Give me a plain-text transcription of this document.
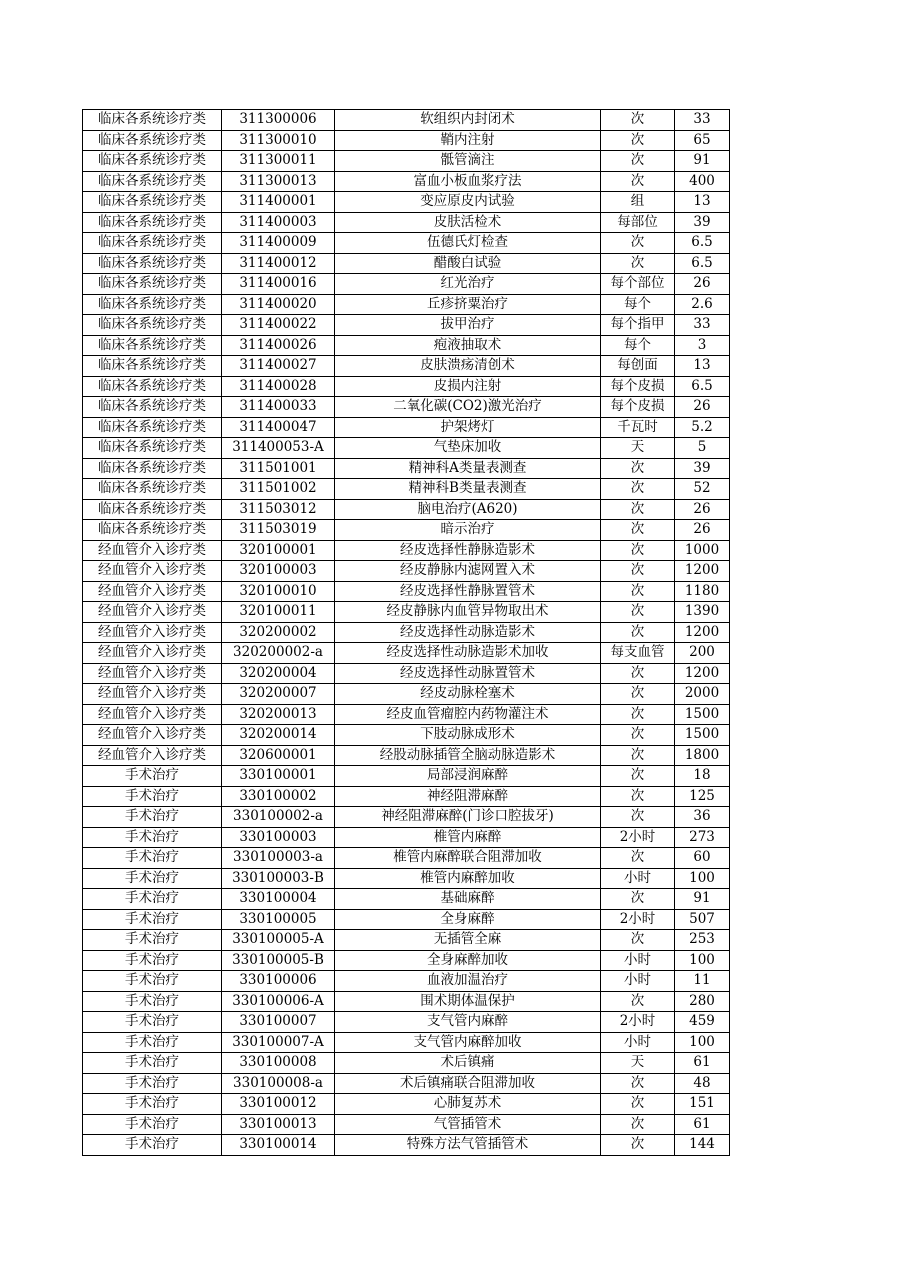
临床各系统诊疗类	311300006	软组织内封闭术	次	33
临床各系统诊疗类	311300010	鞘内注射	次	65
临床各系统诊疗类	311300011	骶管滴注	次	91
临床各系统诊疗类	311300013	富血小板血浆疗法	次	400
临床各系统诊疗类	311400001	变应原皮内试验	组	13
临床各系统诊疗类	311400003	皮肤活检术	每部位	39
临床各系统诊疗类	311400009	伍德氏灯检查	次	6.5
临床各系统诊疗类	311400012	醋酸白试验	次	6.5
临床各系统诊疗类	311400016	红光治疗	每个部位	26
临床各系统诊疗类	311400020	丘疹挤粟治疗	每个	2.6
临床各系统诊疗类	311400022	拔甲治疗	每个指甲	33
临床各系统诊疗类	311400026	疱液抽取术	每个	3
临床各系统诊疗类	311400027	皮肤溃疡清创术	每创面	13
临床各系统诊疗类	311400028	皮损内注射	每个皮损	6.5
临床各系统诊疗类	311400033	二氧化碳(CO2)激光治疗	每个皮损	26
临床各系统诊疗类	311400047	护架烤灯	千瓦时	5.2
临床各系统诊疗类	311400053-A	气垫床加收	天	5
临床各系统诊疗类	311501001	精神科A类量表测查	次	39
临床各系统诊疗类	311501002	精神科B类量表测查	次	52
临床各系统诊疗类	311503012	脑电治疗(A620)	次	26
临床各系统诊疗类	311503019	暗示治疗	次	26
经血管介入诊疗类	320100001	经皮选择性静脉造影术	次	1000
经血管介入诊疗类	320100003	经皮静脉内滤网置入术	次	1200
经血管介入诊疗类	320100010	经皮选择性静脉置管术	次	1180
经血管介入诊疗类	320100011	经皮静脉内血管异物取出术	次	1390
经血管介入诊疗类	320200002	经皮选择性动脉造影术	次	1200
经血管介入诊疗类	320200002-a	经皮选择性动脉造影术加收	每支血管	200
经血管介入诊疗类	320200004	经皮选择性动脉置管术	次	1200
经血管介入诊疗类	320200007	经皮动脉栓塞术	次	2000
经血管介入诊疗类	320200013	经皮血管瘤腔内药物灌注术	次	1500
经血管介入诊疗类	320200014	下肢动脉成形术	次	1500
经血管介入诊疗类	320600001	经股动脉插管全脑动脉造影术	次	1800
手术治疗	330100001	局部浸润麻醉	次	18
手术治疗	330100002	神经阻滞麻醉	次	125
手术治疗	330100002-a	神经阻滞麻醉(门诊口腔拔牙)	次	36
手术治疗	330100003	椎管内麻醉	2小时	273
手术治疗	330100003-a	椎管内麻醉联合阻滞加收	次	60
手术治疗	330100003-B	椎管内麻醉加收	小时	100
手术治疗	330100004	基础麻醉	次	91
手术治疗	330100005	全身麻醉	2小时	507
手术治疗	330100005-A	无插管全麻	次	253
手术治疗	330100005-B	全身麻醉加收	小时	100
手术治疗	330100006	血液加温治疗	小时	11
手术治疗	330100006-A	围术期体温保护	次	280
手术治疗	330100007	支气管内麻醉	2小时	459
手术治疗	330100007-A	支气管内麻醉加收	小时	100
手术治疗	330100008	术后镇痛	天	61
手术治疗	330100008-a	术后镇痛联合阻滞加收	次	48
手术治疗	330100012	心肺复苏术	次	151
手术治疗	330100013	气管插管术	次	61
手术治疗	330100014	特殊方法气管插管术	次	144
